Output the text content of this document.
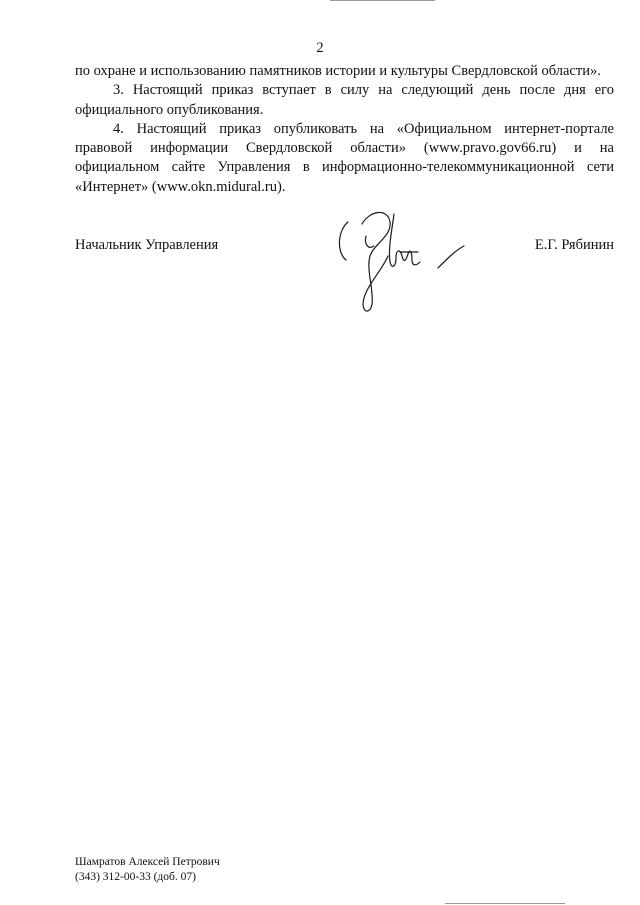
2

по охране и использованию памятников истории и культуры Свердловской области».

3. Настоящий приказ вступает в силу на следующий день после дня его официального опубликования.

4. Настоящий приказ опубликовать на «Официальном интернет-портале правовой информации Свердловской области» (www.pravo.gov66.ru) и на официальном сайте Управления в информационно-телекоммуникационной сети «Интернет» (www.okn.midural.ru).

Начальник Управления	Е.Г. Рябинин
Шамратов Алексей Петрович
(343) 312-00-33 (доб. 07)
